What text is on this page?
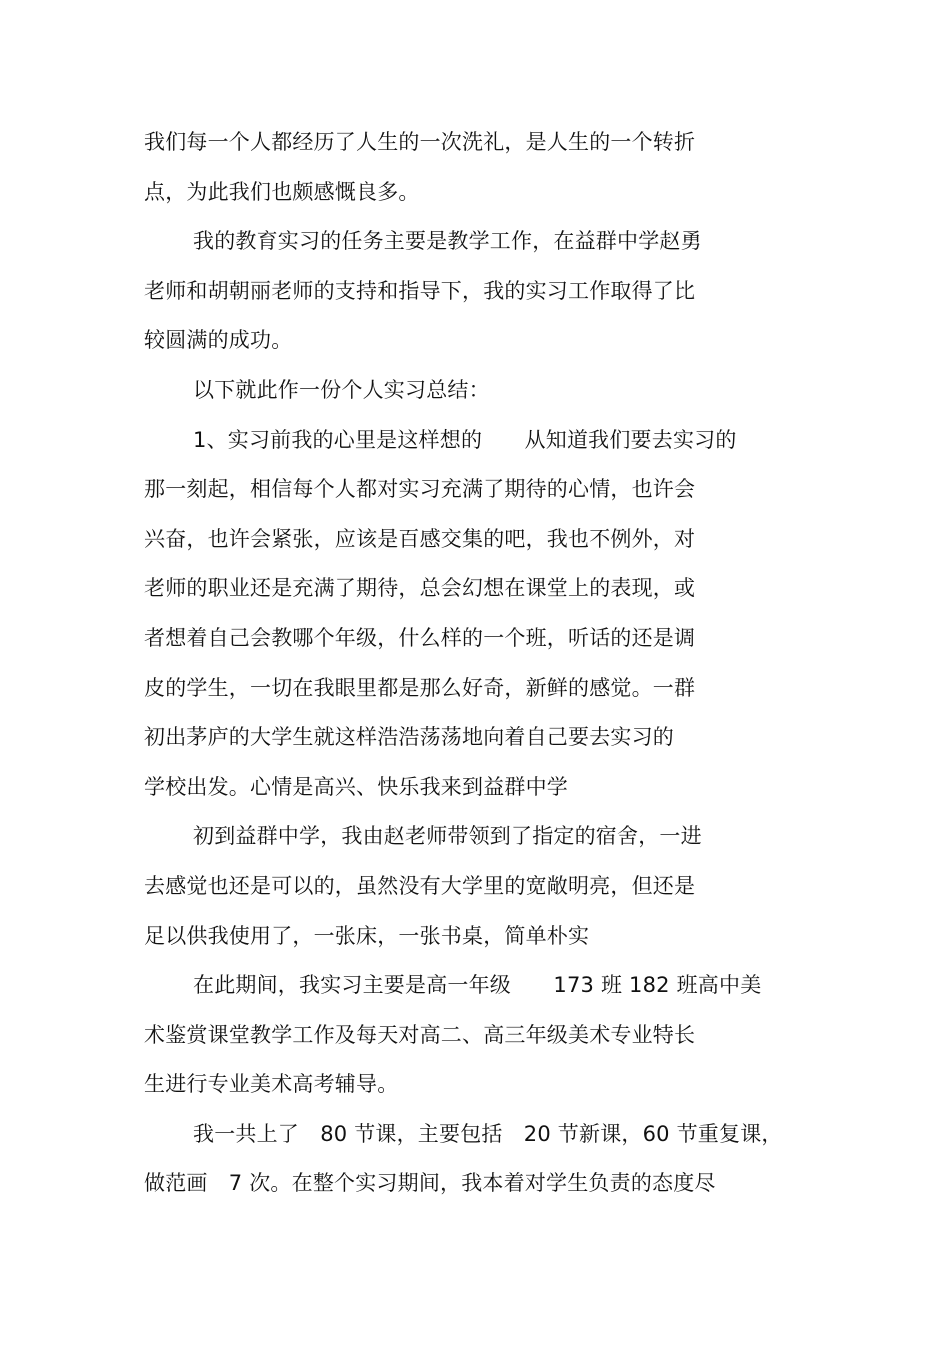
我们每一个人都经历了人生的一次洗礼，是人生的一个转折
点，为此我们也颇感慨良多。
我的教育实习的任务主要是教学工作，在益群中学赵勇
老师和胡朝丽老师的支持和指导下，我的实习工作取得了比
较圆满的成功。
以下就此作一份个人实习总结：
1、实习前我的心里是这样想的　　从知道我们要去实习的
那一刻起，相信每个人都对实习充满了期待的心情，也许会
兴奋，也许会紧张，应该是百感交集的吧，我也不例外，对
老师的职业还是充满了期待，总会幻想在课堂上的表现，或
者想着自己会教哪个年级，什么样的一个班，听话的还是调
皮的学生，一切在我眼里都是那么好奇，新鲜的感觉。一群
初出茅庐的大学生就这样浩浩荡荡地向着自己要去实习的
学校出发。心情是高兴、快乐我来到益群中学
初到益群中学，我由赵老师带领到了指定的宿舍，一进
去感觉也还是可以的，虽然没有大学里的宽敞明亮，但还是
足以供我使用了，一张床，一张书桌，简单朴实
在此期间，我实习主要是高一年级　　173 班 182 班高中美
术鉴赏课堂教学工作及每天对高二、高三年级美术专业特长
生进行专业美术高考辅导。
我一共上了　80 节课，主要包括　20 节新课，60 节重复课，
做范画　7 次。在整个实习期间，我本着对学生负责的态度尽
